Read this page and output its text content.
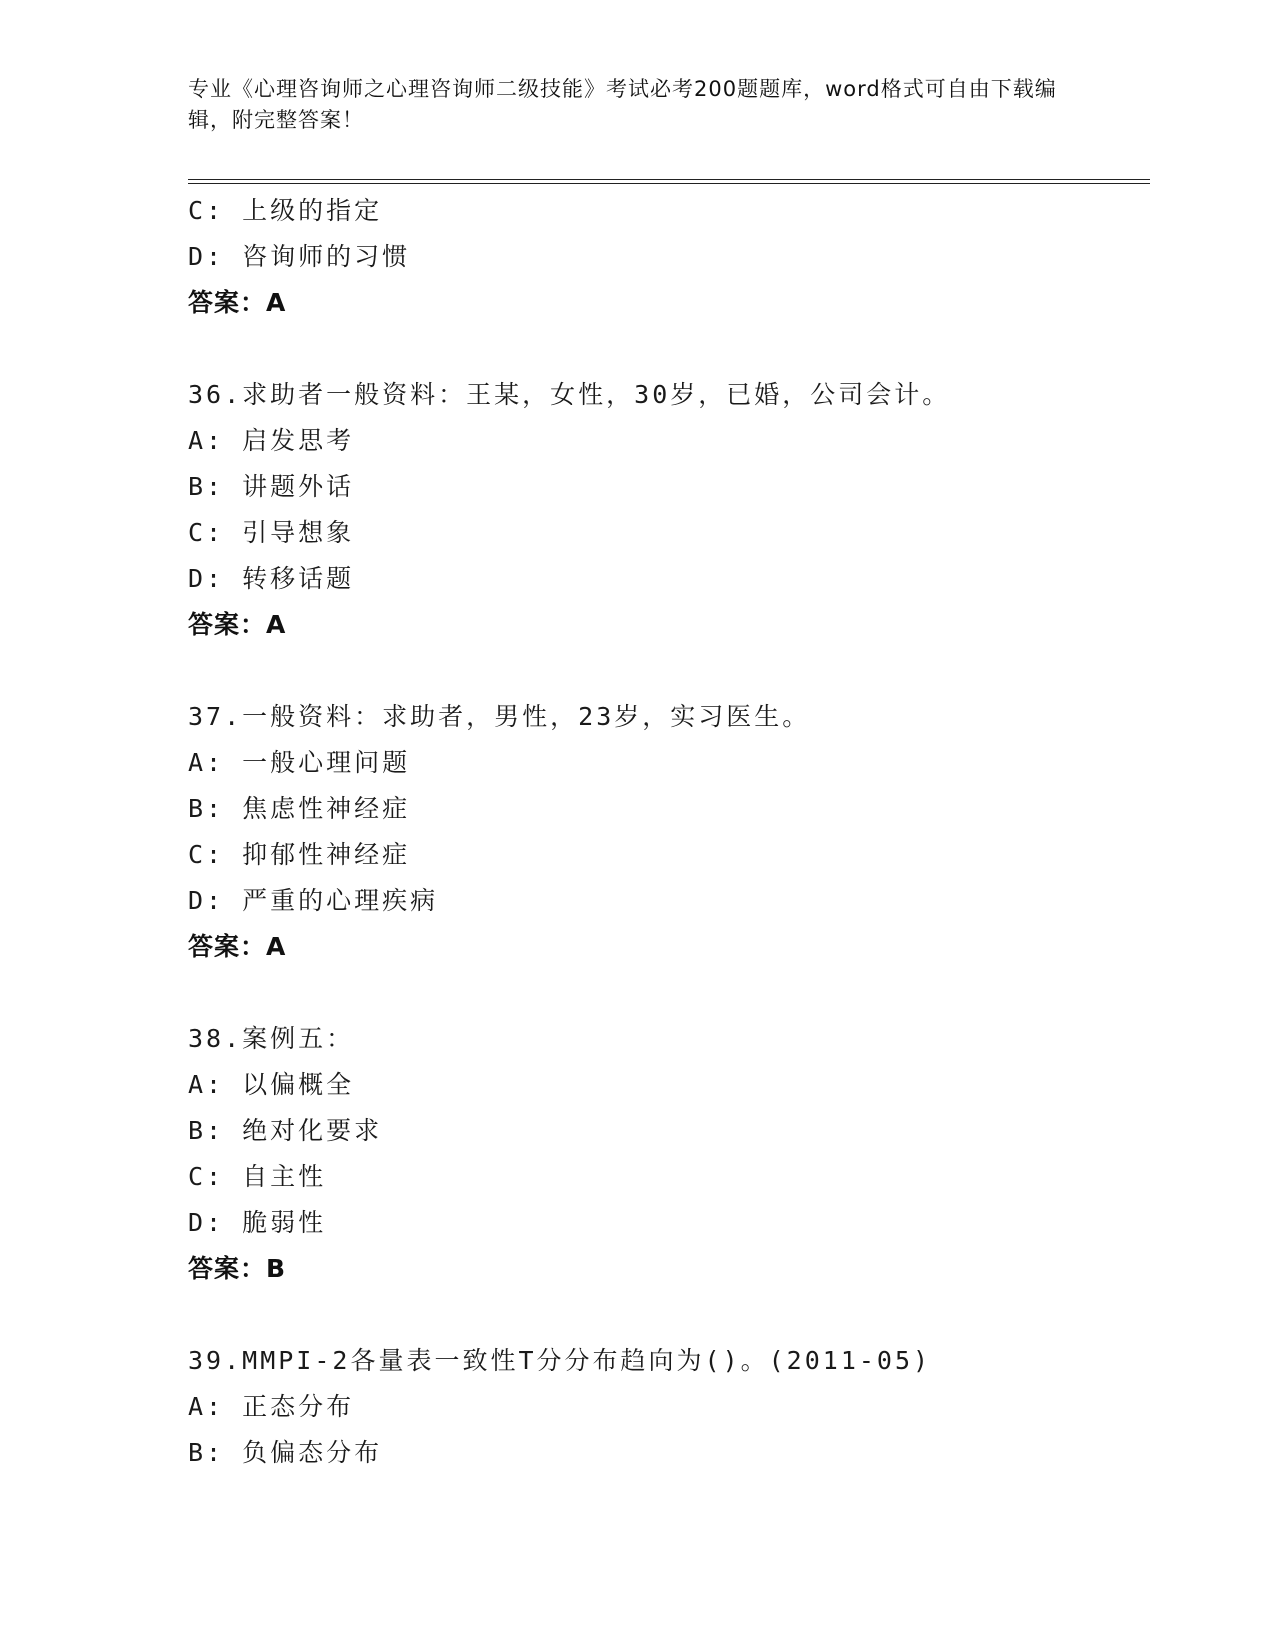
专业《心理咨询师之心理咨询师二级技能》考试必考200题题库，word格式可自由下载编辑，附完整答案！
C: 上级的指定
D: 咨询师的习惯
答案：A
36.求助者一般资料：王某，女性，30岁，已婚，公司会计。
A: 启发思考
B: 讲题外话
C: 引导想象
D: 转移话题
答案：A
37.一般资料：求助者，男性，23岁，实习医生。
A: 一般心理问题
B: 焦虑性神经症
C: 抑郁性神经症
D: 严重的心理疾病
答案：A
38.案例五：
A: 以偏概全
B: 绝对化要求
C: 自主性
D: 脆弱性
答案：B
39.MMPI-2各量表一致性T分分布趋向为()。(2011-05)
A: 正态分布
B: 负偏态分布
